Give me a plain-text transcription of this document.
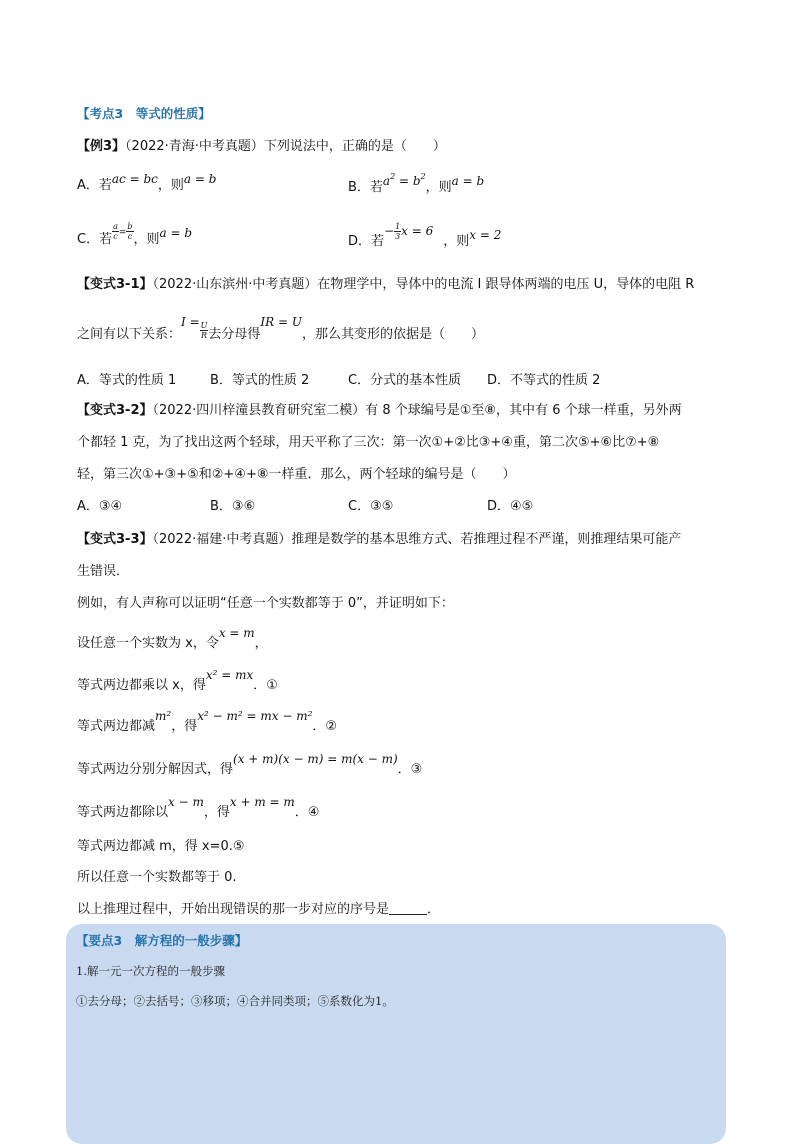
【考点3　等式的性质】
【例3】（2022·青海·中考真题）下列说法中，正确的是（　　）
A．若ac = bc，则a = b
B．若$a^2 = b^2$，则a = b
C．若 $\frac{a}{c} = \frac{b}{c}$ ，则a = b
D．若− $\frac{1}{3}$ x = 6，则x = 2
【变式3-1】（2022·山东滨州·中考真题）在物理学中，导体中的电流 I 跟导体两端的电压 U，导体的电阻 R
之间有以下关系：$I = \frac{U}{R}$ 去分母得IR = U，那么其变形的依据是（　　）
A．等式的性质 1	B．等式的性质 2	C．分式的基本性质 D．不等式的性质 2
【变式3-2】（2022·四川梓潼县教育研究室二模）有 8 个球编号是①至⑧，其中有 6 个球一样重，另外两
个都轻 1 克，为了找出这两个轻球，用天平称了三次：第一次①+②比③+④重，第二次⑤+⑥比⑦+⑧
轻，第三次①+③+⑤和②+④+⑧一样重．那么，两个轻球的编号是（　　）
A．③④	B．③⑥	C．③⑤	D．④⑤
【变式3-3】（2022·福建·中考真题）推理是数学的基本思维方式、若推理过程不严谨，则推理结果可能产
生错误．
例如，有人声称可以证明“任意一个实数都等于 0”，并证明如下：
设任意一个实数为 x，令x = m，
等式两边都乘以 x，得x² = mx．①
等式两边都减m²，得x² − m² = mx − m²．②
等式两边分别分解因式，得(x + m)(x − m) = m(x − m)．③
等式两边都除以x − m，得x + m = m．④
等式两边都减 m，得 x=0.⑤
所以任意一个实数都等于 0.
以上推理过程中，开始出现错误的那一步对应的序号是	．
【要点3　解方程的一般步骤】
1.解一元一次方程的一般步骤
①去分母；②去括号；③移项；④合并同类项；⑤系数化为1。
